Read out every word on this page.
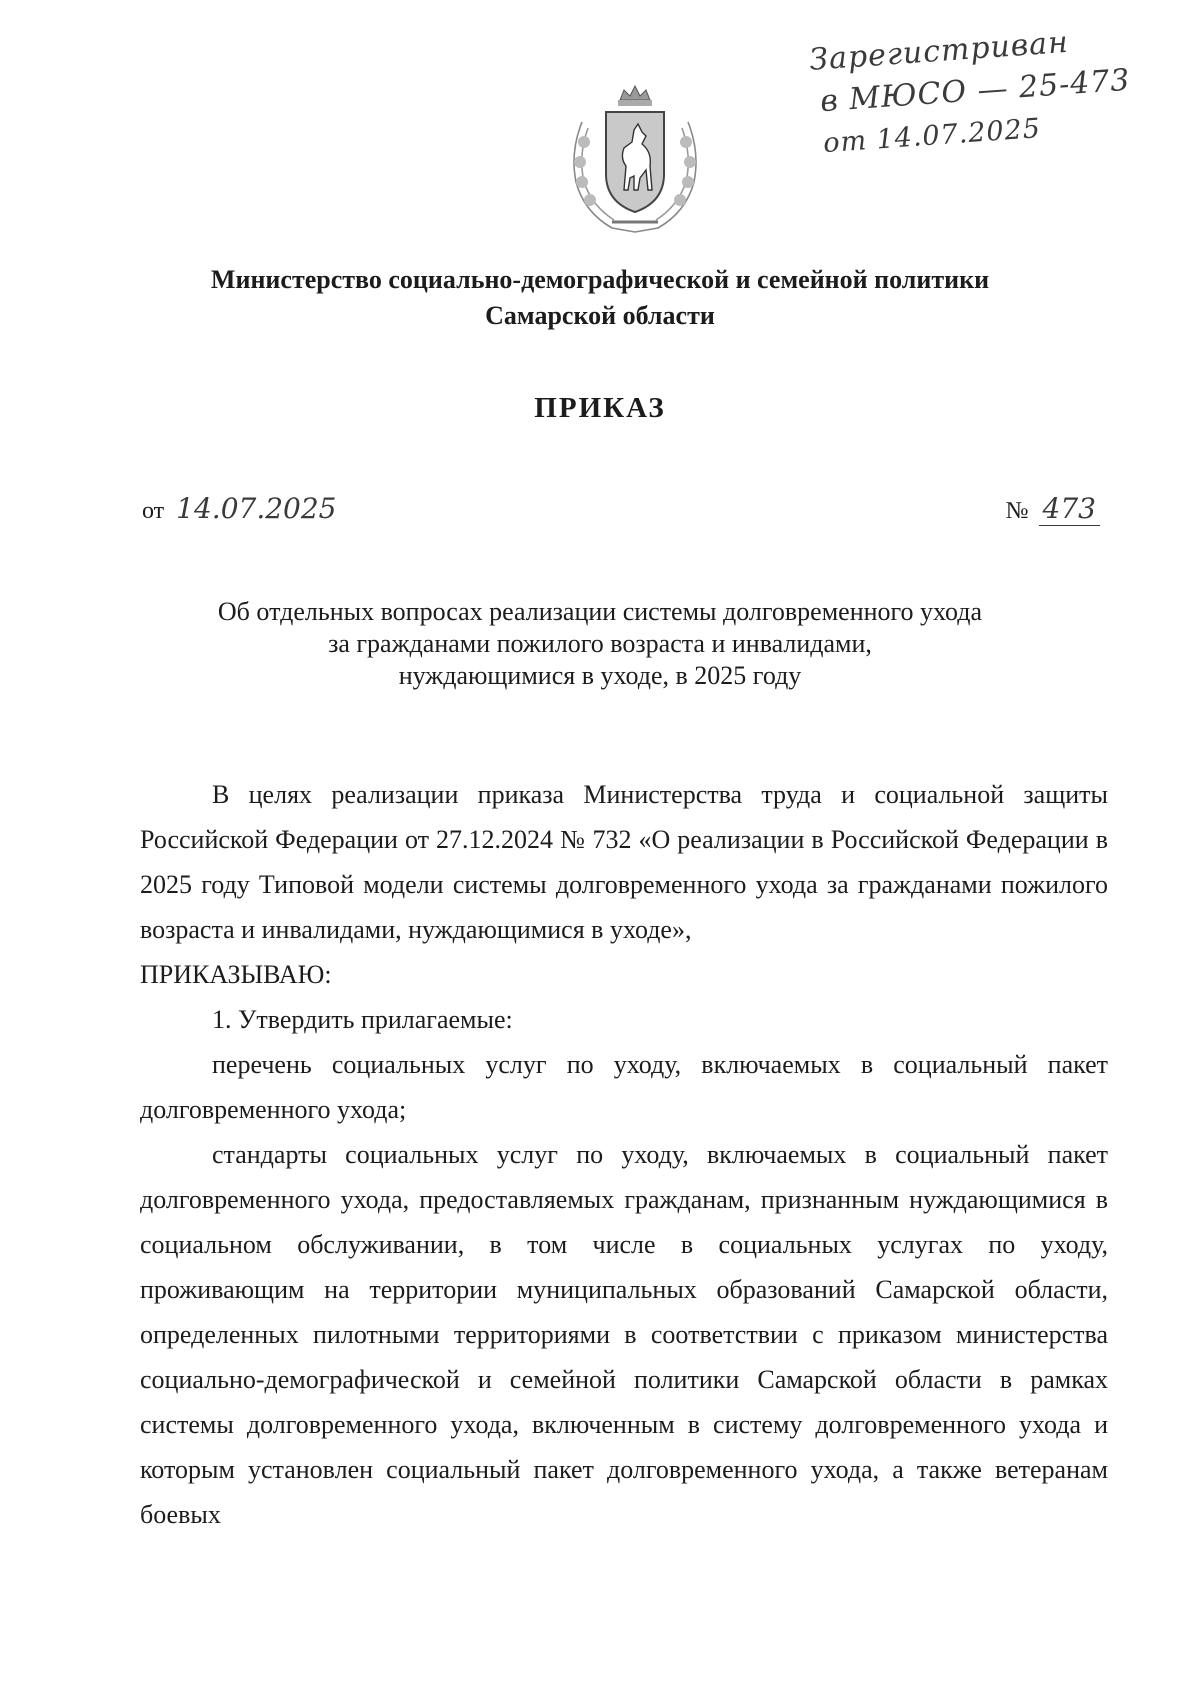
Зарегистриван
в МЮСО — 25-473
от 14.07.2025
Министерство социально-демографической и семейной политики
Самарской области
ПРИКАЗ
от 14.07.2025	№ 473
Об отдельных вопросах реализации системы долговременного ухода
за гражданами пожилого возраста и инвалидами,
нуждающимися в уходе, в 2025 году

В целях реализации приказа Министерства труда и социальной защиты Российской Федерации от 27.12.2024 № 732 «О реализации в Российской Федерации в 2025 году Типовой модели системы долговременного ухода за гражданами пожилого возраста и инвалидами, нуждающимися в уходе»,

ПРИКАЗЫВАЮ:

1. Утвердить прилагаемые:

перечень социальных услуг по уходу, включаемых в социальный пакет долговременного ухода;

стандарты социальных услуг по уходу, включаемых в социальный пакет долговременного ухода, предоставляемых гражданам, признанным нуждающимися в социальном обслуживании, в том числе в социальных услугах по уходу, проживающим на территории муниципальных образований Самарской области, определенных пилотными территориями в соответствии с приказом министерства социально-демографической и семейной политики Самарской области в рамках системы долговременного ухода, включенным в систему долговременного ухода и которым установлен социальный пакет долговременного ухода, а также ветеранам боевых
